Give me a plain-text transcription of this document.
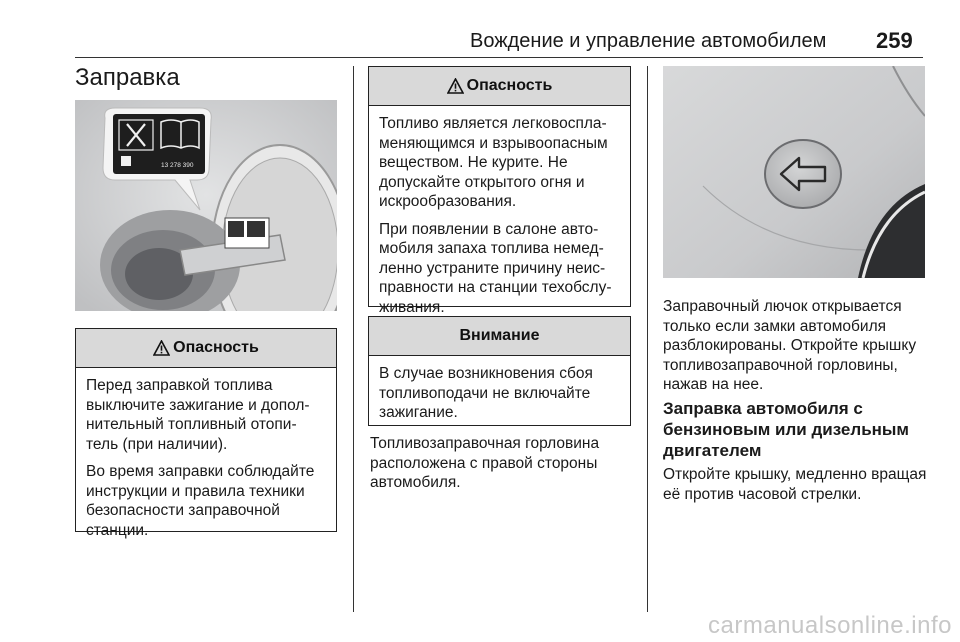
Вождение и управление автомобилем 259
Заправка
13 278 390
Опасность

Перед заправкой топлива выключите зажигание и допол-нительный топливный отопи-тель (при наличии).

Во время заправки соблюдайте инструкции и правила техники безопасности заправочной станции.

Опасность

Топливо является легковоспла-меняющимся и взрывоопасным веществом. Не курите. Не допускайте открытого огня и искрообразования.

При появлении в салоне авто-мобиля запаха топлива немед-ленно устраните причину неис-правности на станции техобслу-живания.

Внимание

В случае возникновения сбоя топливоподачи не включайте зажигание.

Топливозаправочная горловина расположена с правой стороны автомобиля.

Заправочный лючок открывается только если замки автомобиля разблокированы. Откройте крышку топливозаправочной горловины, нажав на нее.

Заправка автомобиля с бензиновым или дизельным двигателем

Откройте крышку, медленно вращая её против часовой стрелки.

carmanualsonline.info
